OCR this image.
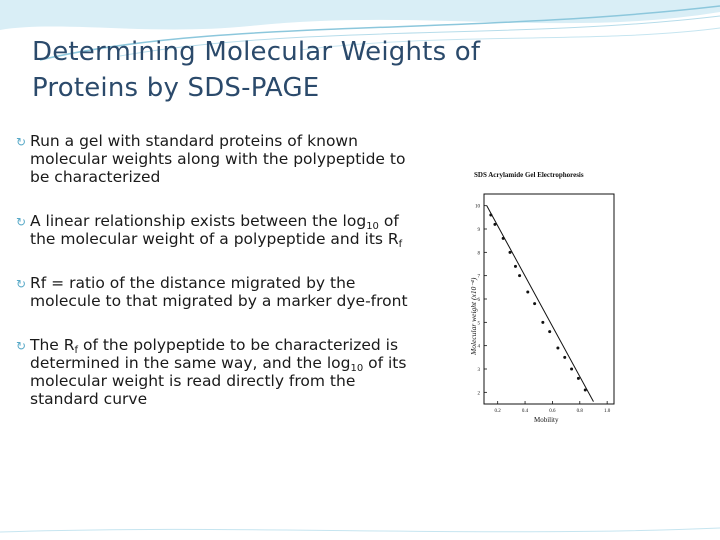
Determining Molecular Weights of
Proteins by SDS-PAGE
↻ Run a gel with standard proteins of known molecular weights along with the polypeptide to be characterized
↻ A linear relationship exists between the $\log_{10}$ of the molecular weight of a polypeptide and its $R_f$
↻ Rf = ratio of the distance migrated by the molecule to that migrated by a marker dye-front
↻ The $R_f$ of the polypeptide to be characterized is determined in the same way, and the $\log_{10}$ of its molecular weight is read directly from the standard curve
SDS Acrylamide Gel Electrophoresis
2
3
4
5
6
7
8
9
10
0.2	0.4	0.6	0.8	1.0
Molecular weight (x10⁻⁴)
Mobility
